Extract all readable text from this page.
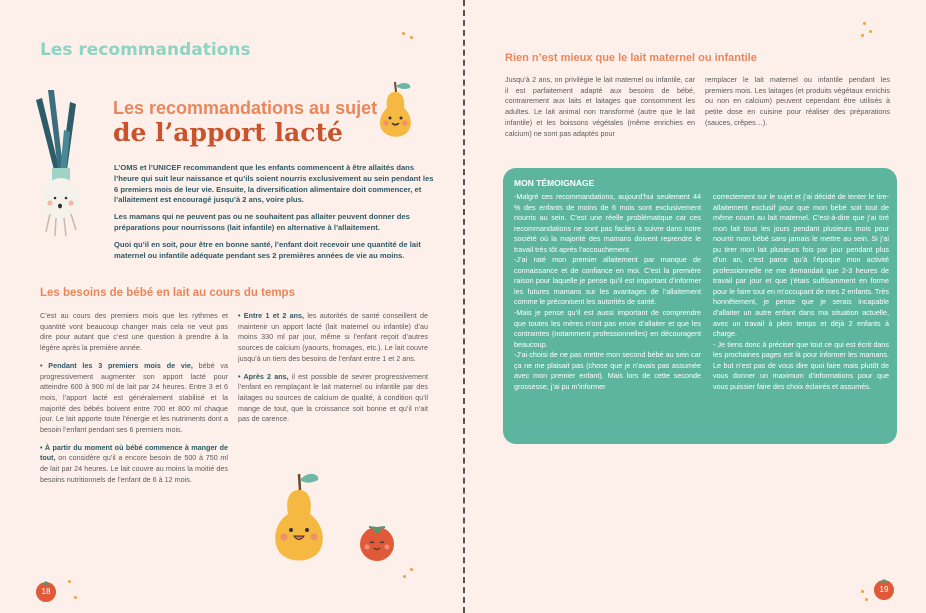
Les recommandations
Les recommandations au sujet
de l’apport lacté

L’OMS et l’UNICEF recommandent que les enfants commencent à être allaités dans l’heure qui suit leur naissance et qu’ils soient nourris exclusivement au sein pendant les 6 premiers mois de leur vie. Ensuite, la diversification alimentaire doit commencer, et l’allaitement est encouragé jusqu’à 2 ans, voire plus.

Les mamans qui ne peuvent pas ou ne souhaitent pas allaiter peuvent donner des préparations pour nourrissons (lait infantile) en alternative à l’allaitement.

Quoi qu’il en soit, pour être en bonne santé, l’enfant doit recevoir une quantité de lait maternel ou infantile adéquate pendant ses 2 premières années de vie au moins.

Les besoins de bébé en lait au cours du temps

C’est au cours des premiers mois que les rythmes et quantité vont beaucoup changer mais cela ne veut pas dire pour autant que c’est une question à prendre à la légère après la première année.

• Pendant les 3 premiers mois de vie, bébé va progressivement augmenter son apport lacté pour atteindre 600 à 900 ml de lait par 24 heures. Entre 3 et 6 mois, l’apport lacté est généralement stabilisé et la majorité des bébés boivent entre 700 et 800 ml chaque jour. Le lait apporte toute l’énergie et les nutriments dont a besoin l’enfant pendant ses 6 premiers mois.

• À partir du moment où bébé commence à manger de tout, on considère qu’il a encore besoin de 500 à 750 ml de lait par 24 heures. Le lait couvre au moins la moitié des besoins nutritionnels de l’enfant de 6 à 12 mois.

• Entre 1 et 2 ans, les autorités de santé conseillent de maintenir un apport lacté (lait maternel ou infantile) d’au moins 330 ml par jour, même si l’enfant reçoit d’autres sources de calcium (yaourts, fromages, etc.). Le lait couvre jusqu’à un tiers des besoins de l’enfant entre 1 et 2 ans.

• Après 2 ans, il est possible de sevrer progressivement l’enfant en remplaçant le lait maternel ou infantile par des laitages ou sources de calcium de qualité, à condition qu’il mange de tout, que la croissance soit bonne et qu’il n’ait pas de carence.

18
Rien n’est mieux que le lait maternel ou infantile

Jusqu’à 2 ans, on privilégie le lait maternel ou infantile, car il est parfaitement adapté aux besoins de bébé, contrairement aux laits et laitages que consomment les adultes. Le lait animal non transformé (autre que le lait infantile) et les boissons végétales (même enrichies en calcium) ne sont pas adaptés pour

remplacer le lait maternel ou infantile pendant les premiers mois. Les laitages (et produits végétaux enrichis ou non en calcium) peuvent cependant être utilisés à petite dose en cuisine pour réaliser des préparations (sauces, crêpes…).

MON TÉMOIGNAGE

-Malgré ces recommandations, aujourd’hui seulement 44 % des enfants de moins de 6 mois sont exclusivement nourris au sein. C’est une réelle problématique car ces recommandations ne sont pas faciles à suivre dans notre société où la majorité des mamans doivent reprendre le travail très tôt après l’accouchement.

-J’ai raté mon premier allaitement par manque de connaissance et de confiance en moi. C’est la première raison pour laquelle je pense qu’il est important d’informer les futures mamans sur les avantages de l’allaitement comme le préconisent les autorités de santé.

-Mais je pense qu’il est aussi important de comprendre que toutes les mères n’ont pas envie d’allaiter et que les contraintes (notamment professionnelles) en découragent beaucoup.

-J’ai choisi de ne pas mettre mon second bébé au sein car ça ne me plaisait pas (chose que je n’avais pas assumée avec mon premier enfant). Mais lors de cette seconde grossesse, j’ai pu m’informer

correctement sur le sujet et j’ai décidé de tenter le tire-allaitement exclusif pour que mon bébé soit tout de même nourri au lait maternel. C’est-à-dire que j’ai tiré mon lait tous les jours pendant plusieurs mois pour nourrir mon bébé sans jamais le mettre au sein. Si j’ai pu tirer mon lait plusieurs fois par jour pendant plus d’un an, c’est parce qu’à l’époque mon activité professionnelle ne me demandait que 2-3 heures de travail par jour et que j’étais suffisamment en forme pour le faire tout en m’occupant de mes 2 enfants. Très honnêtement, je pense que je serais incapable d’allaiter un autre enfant dans ma situation actuelle, avec un travail à plein temps et déjà 2 enfants à charge.

- Je tiens donc à préciser que tout ce qui est écrit dans les prochaines pages est là pour informer les mamans. Le but n’est pas de vous dire quoi faire mais plutôt de vous donner un maximum d’informations pour que vous puissier faire des choix éclairés et assumés.

19
